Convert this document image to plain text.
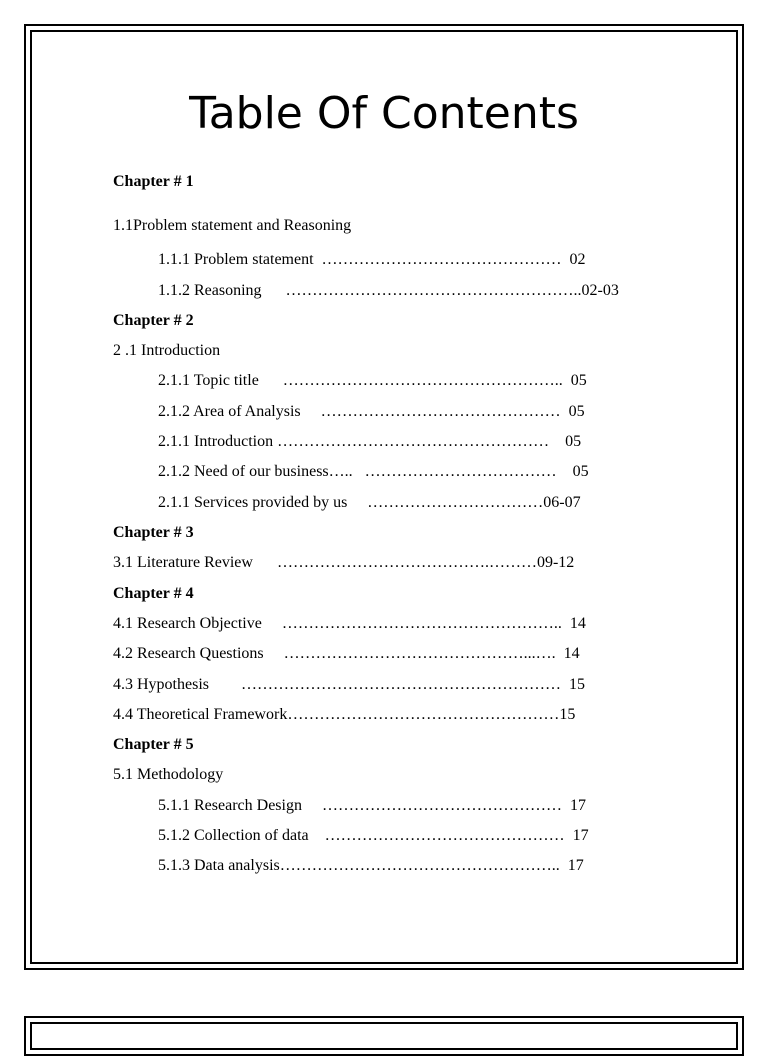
Table Of Contents
Chapter # 1
1.1Problem statement and Reasoning
1.1.1 Problem statement  ………………………………………  02
1.1.2 Reasoning      ………………………………………………..02-03
Chapter # 2
2 .1 Introduction
2.1.1 Topic title      ……………………………………………..  05
2.1.2 Area of Analysis     ………………………………………  05
2.1.1 Introduction ……………………………………………    05
2.1.2 Need of our business…..   ………………………………    05
2.1.1 Services provided by us     ……………………………06-07
Chapter # 3
3.1 Literature Review      ………………………………….………09-12
Chapter # 4
4.1 Research Objective     ……………………………………………..  14
4.2 Research Questions     ………………………………………...….  14
4.3 Hypothesis        ……………………………………………………  15
4.4 Theoretical Framework……………………………………………15
Chapter # 5
5.1 Methodology
5.1.1 Research Design     ………………………………………  17
5.1.2 Collection of data    ………………………………………  17
5.1.3 Data analysis……………………………………………..  17
